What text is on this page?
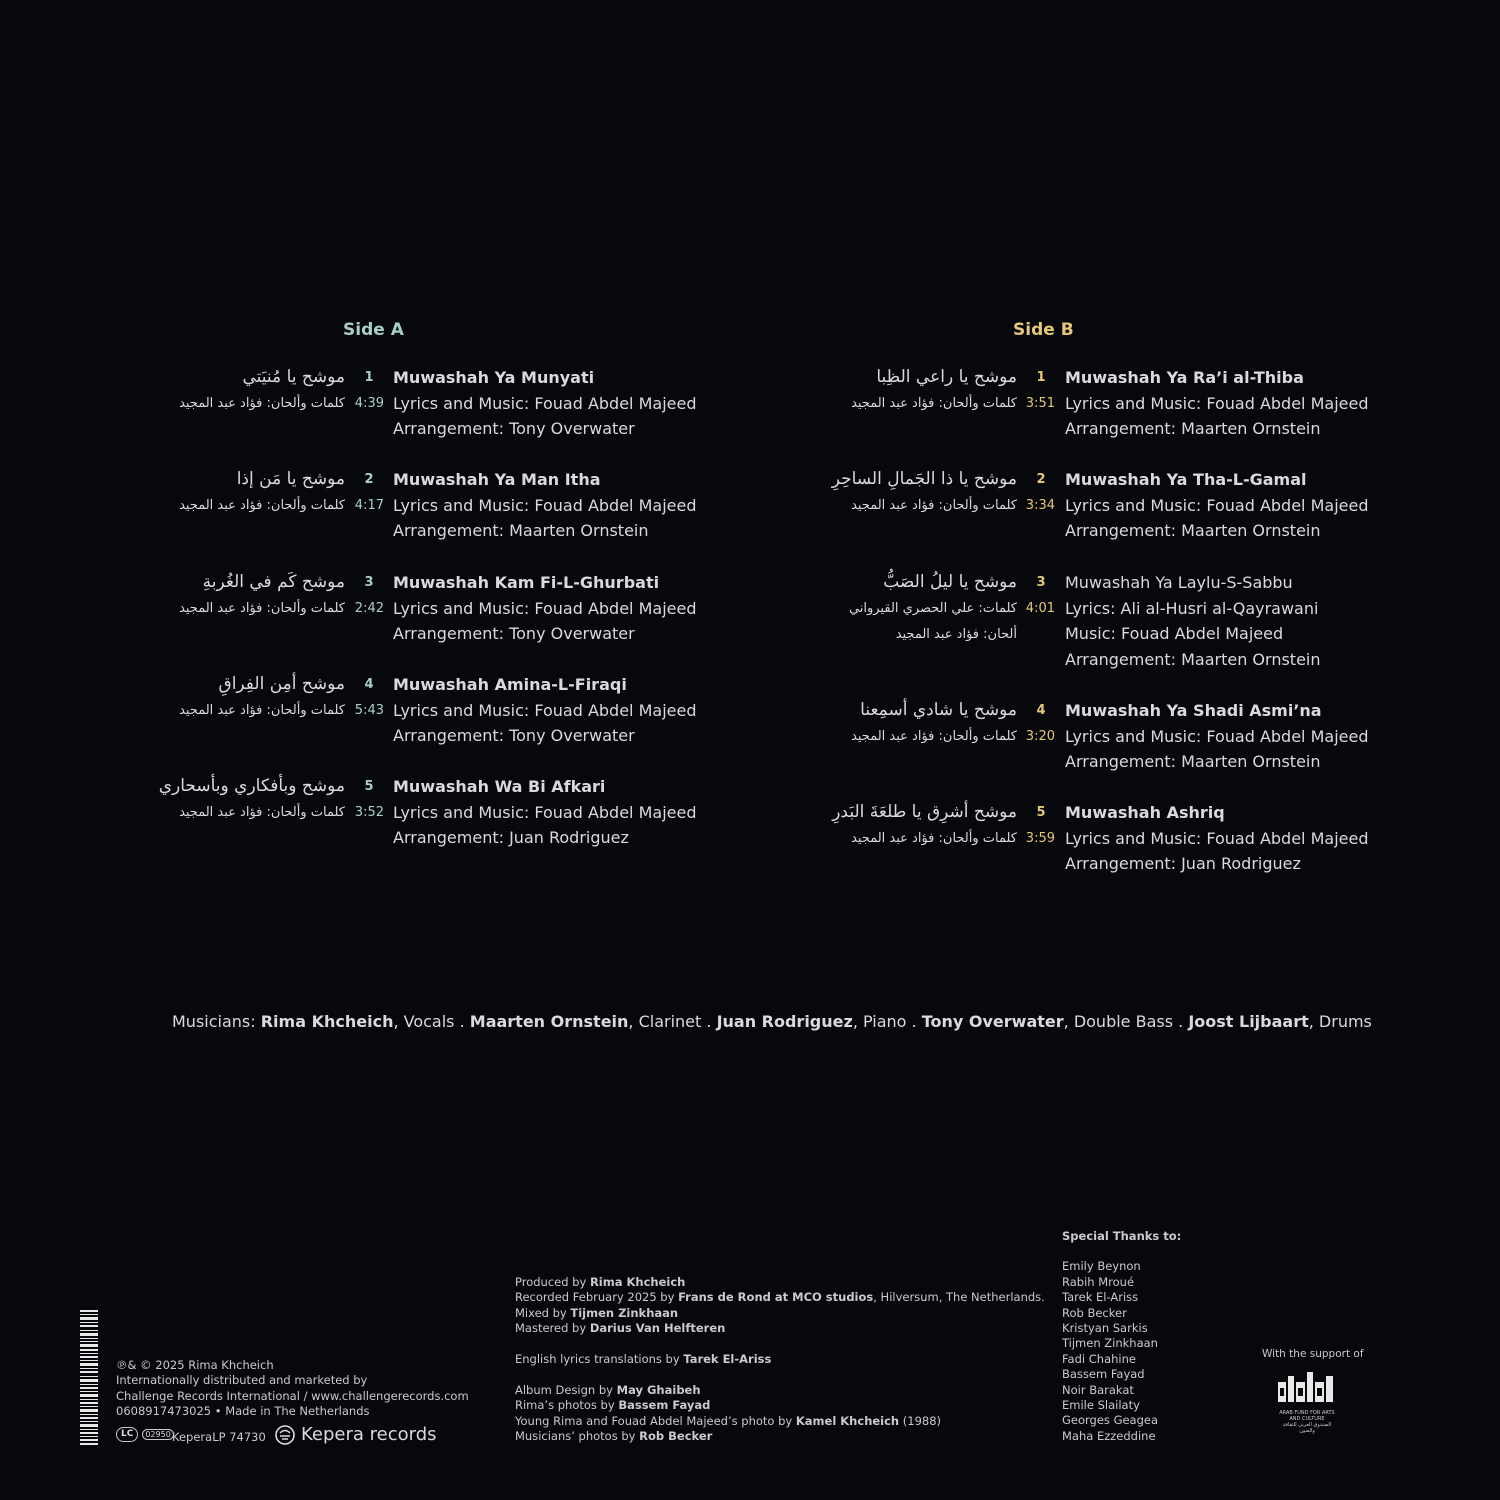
Side A	Side B
موشح يا مُنيَتي
كلمات وألحان: فؤاد عبد المجيد
1
4:39
Muwashah Ya Munyati
Lyrics and Music: Fouad Abdel Majeed
Arrangement: Tony Overwater
موشح يا مَن إذا
كلمات وألحان: فؤاد عبد المجيد
2
4:17
Muwashah Ya Man Itha
Lyrics and Music: Fouad Abdel Majeed
Arrangement: Maarten Ornstein
موشح كَم في الغُربةِ
كلمات وألحان: فؤاد عبد المجيد
3
2:42
Muwashah Kam Fi-L-Ghurbati
Lyrics and Music: Fouad Abdel Majeed
Arrangement: Tony Overwater
موشح أمِن الفِراقِ
كلمات وألحان: فؤاد عبد المجيد
4
5:43
Muwashah Amina-L-Firaqi
Lyrics and Music: Fouad Abdel Majeed
Arrangement: Tony Overwater
موشح وبأفكاري وبأسحاري
كلمات وألحان: فؤاد عبد المجيد
5
3:52
Muwashah Wa Bi Afkari
Lyrics and Music: Fouad Abdel Majeed
Arrangement: Juan Rodriguez
موشح يا راعي الظِبا
كلمات وألحان: فؤاد عبد المجيد
1
3:51
Muwashah Ya Ra’i al-Thiba
Lyrics and Music: Fouad Abdel Majeed
Arrangement: Maarten Ornstein
موشح يا ذا الجَمالِ الساحِرِ
كلمات وألحان: فؤاد عبد المجيد
2
3:34
Muwashah Ya Tha-L-Gamal
Lyrics and Music: Fouad Abdel Majeed
Arrangement: Maarten Ornstein
موشح يا ليلُ الصَبُّ
كلمات: علي الحصري القيرواني
ألحان: فؤاد عبد المجيد
3
4:01
Muwashah Ya Laylu-S-Sabbu
Lyrics: Ali al-Husri al-Qayrawani
Music: Fouad Abdel Majeed
Arrangement: Maarten Ornstein
موشح يا شادي أسمِعنا
كلمات وألحان: فؤاد عبد المجيد
4
3:20
Muwashah Ya Shadi Asmi’na
Lyrics and Music: Fouad Abdel Majeed
Arrangement: Maarten Ornstein
موشح أشرِق يا طلعَةَ البَدرِ
كلمات وألحان: فؤاد عبد المجيد
5
3:59
Muwashah Ashriq
Lyrics and Music: Fouad Abdel Majeed
Arrangement: Juan Rodriguez
Musicians: Rima Khcheich, Vocals . Maarten Ornstein, Clarinet . Juan Rodriguez, Piano . Tony Overwater, Double Bass . Joost Lijbaart, Drums
Produced by Rima Khcheich
Recorded February 2025 by Frans de Rond at MCO studios, Hilversum, The Netherlands.
Mixed by Tijmen Zinkhaan
Mastered by Darius Van Helfteren
English lyrics translations by Tarek El-Ariss
Album Design by May Ghaibeh
Rima’s photos by Bassem Fayad
Young Rima and Fouad Abdel Majeed’s photo by Kamel Khcheich (1988)
Musicians’ photos by Rob Becker
Special Thanks to:
Emily Beynon
Rabih Mroué
Tarek El-Ariss
Rob Becker
Kristyan Sarkis
Tijmen Zinkhaan
Fadi Chahine
Bassem Fayad
Noir Barakat
Emile Slailaty
Georges Geagea
Maha Ezzeddine
℗& © 2025 Rima Khcheich
Internationally distributed and marketed by
Challenge Records International / www.challengerecords.com
0608917473025 • Made in The Netherlands
LC	02950 KeperaLP 74730 Kepera records
With the support of
ARAB FUND FOR ARTS AND CULTURE
الصندوق العربي للثقافة والفنون
